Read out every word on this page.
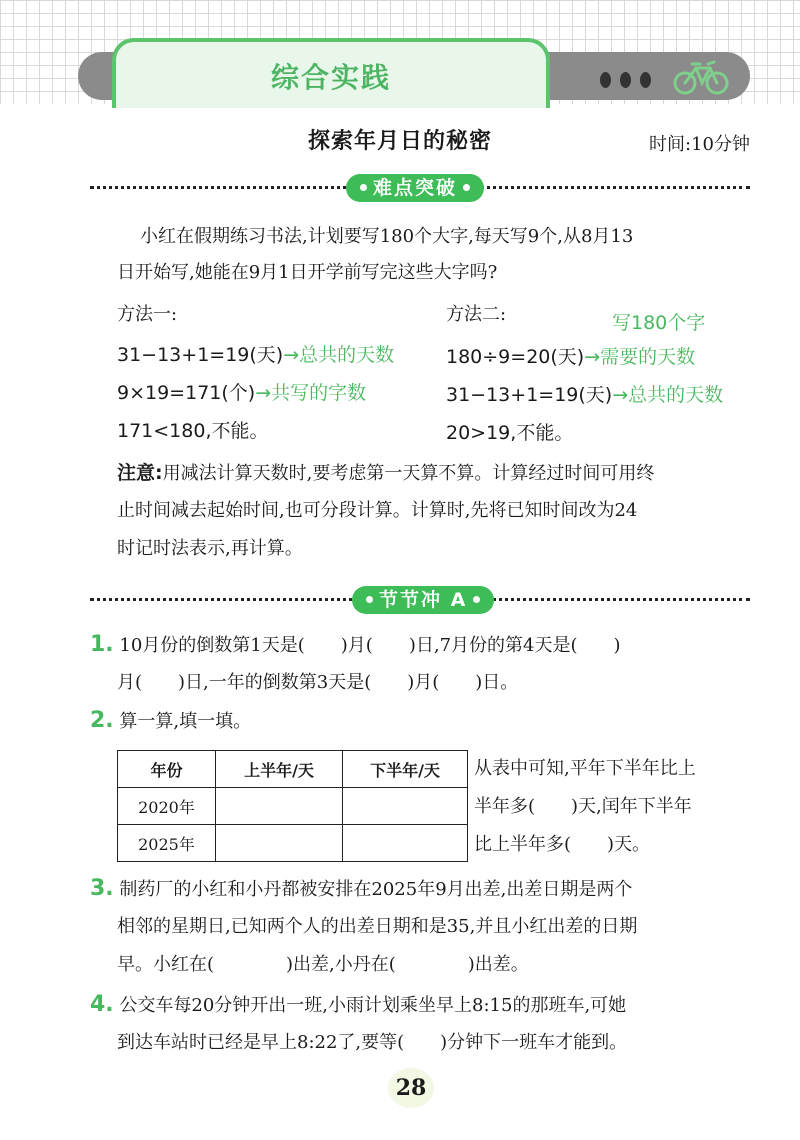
综合实践
探索年月日的秘密	时间:10分钟
难点突破
小红在假期练习书法,计划要写180个大字,每天写9个,从8月13
日开始写,她能在9月1日开学前写完这些大字吗?
方法一:
31−13+1=19(天)→总共的天数
9×19=171(个)→共写的字数
171<180,不能。
方法二:	写180个字
180÷9=20(天)→需要的天数
31−13+1=19(天)→总共的天数
20>19,不能。
注意:用减法计算天数时,要考虑第一天算不算。计算经过时间可用终
止时间减去起始时间,也可分段计算。计算时,先将已知时间改为24
时记时法表示,再计算。
节节冲 A
1. 10月份的倒数第1天是(　　)月(　　)日,7月份的第4天是(　　)
月(　　)日,一年的倒数第3天是(　　)月(　　)日。
2. 算一算,填一填。
年份	上半年/天	下半年/天
2020年		
2025年		
从表中可知,平年下半年比上
半年多(　　)天,闰年下半年
比上半年多(　　)天。
3. 制药厂的小红和小丹都被安排在2025年9月出差,出差日期是两个
相邻的星期日,已知两个人的出差日期和是35,并且小红出差的日期
早。小红在(　　　　)出差,小丹在(　　　　)出差。
4. 公交车每20分钟开出一班,小雨计划乘坐早上8:15的那班车,可她
到达车站时已经是早上8:22了,要等(　　)分钟下一班车才能到。
28
